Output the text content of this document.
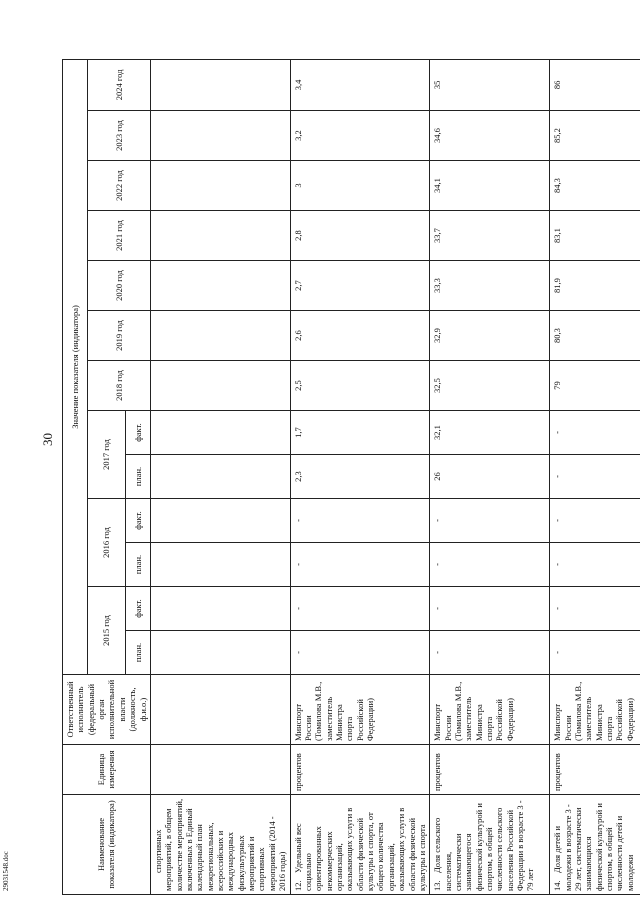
30
29031548.doc
Наименование показателя (индикатора)	Единица измерения	Ответственный исполнитель (федеральный орган исполнительной власти (должность, ф.и.о.)	Значение показателя (индикатора)												
			2015 год		2016 год		2017 год		2018 год	2019 год	2020 год	2021 год	2022 год	2023 год	2024 год
			план.	факт.	план.	факт.	план.	факт.							
спортивных мероприятий, в общем количестве мероприятий, включенных в Единый календарный план межрегиональных, всероссийских и международных физкультурных мероприятий и спортивных мероприятий (2014 - 2016 годы)															
12.Удельный вес социально ориентированных некоммерческих организаций, оказывающих услуги в области физической культуры и спорта, от общего количества организаций, оказывающих услуги в области физической культуры и спорта	процентов	Минспорт России (Томилова М.В., заместитель Министра спорта Российской Федерации)	-	-	-	-	2,3	1,7	2,5	2,6	2,7	2,8	3	3,2	3,4
13.Доля сельского населения, систематически занимающегося физической культурой и спортом, в общей численности сельского населения Российской Федерации в возрасте 3 - 79 лет	процентов	Минспорт России (Томилова М.В., заместитель Министра спорта Российской Федерации)	-	-	-	-	26	32,1	32,5	32,9	33,3	33,7	34,1	34,6	35
14.Доля детей и молодежи в возрасте 3 - 29 лет, систематически занимающихся физической культурой и спортом, в общей численности детей и молодежи	процентов	Минспорт России (Томилова М.В., заместитель Министра спорта Российской Федерации)	-	-	-	-	-	-	79	80,3	81,9	83,1	84,3	85,2	86
